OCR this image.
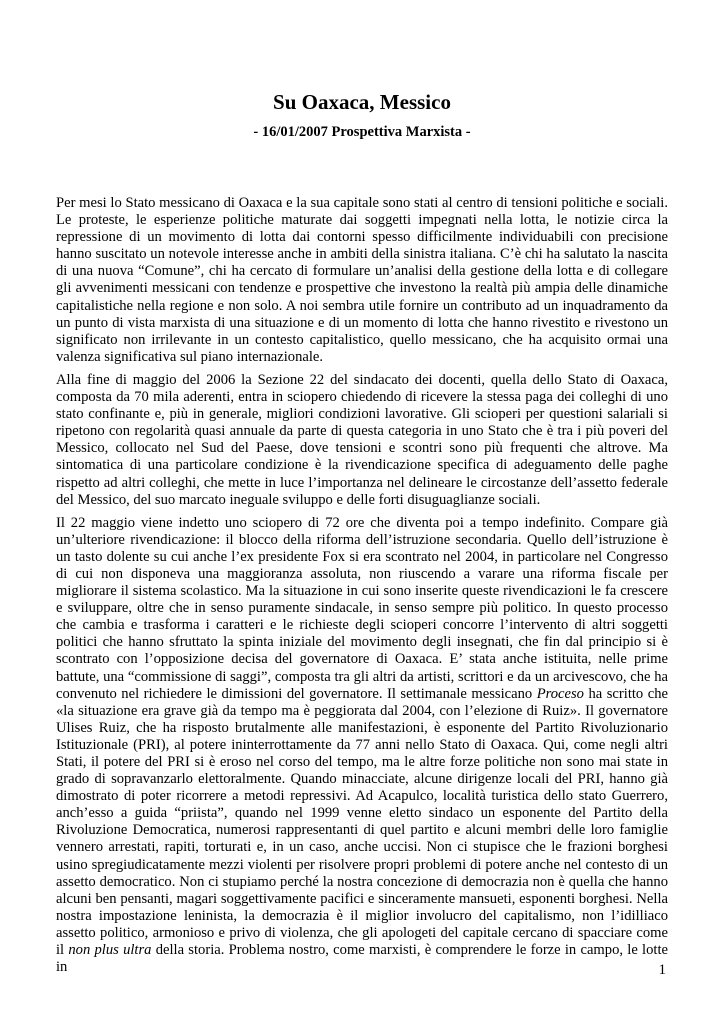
Su Oaxaca, Messico
- 16/01/2007 Prospettiva Marxista -

Per mesi lo Stato messicano di Oaxaca e la sua capitale sono stati al centro di tensioni politiche e sociali. Le proteste, le esperienze politiche maturate dai soggetti impegnati nella lotta, le notizie circa la repressione di un movimento di lotta dai contorni spesso difficilmente individuabili con precisione hanno suscitato un notevole interesse anche in ambiti della sinistra italiana. C’è chi ha salutato la nascita di una nuova “Comune”, chi ha cercato di formulare un’analisi della gestione della lotta e di collegare gli avvenimenti messicani con tendenze e prospettive che investono la realtà più ampia delle dinamiche capitalistiche nella regione e non solo. A noi sembra utile fornire un contributo ad un inquadramento da un punto di vista marxista di una situazione e di un momento di lotta che hanno rivestito e rivestono un significato non irrilevante in un contesto capitalistico, quello messicano, che ha acquisito ormai una valenza significativa sul piano internazionale.

Alla fine di maggio del 2006 la Sezione 22 del sindacato dei docenti, quella dello Stato di Oaxaca, composta da 70 mila aderenti, entra in sciopero chiedendo di ricevere la stessa paga dei colleghi di uno stato confinante e, più in generale, migliori condizioni lavorative. Gli scioperi per questioni salariali si ripetono con regolarità quasi annuale da parte di questa categoria in uno Stato che è tra i più poveri del Messico, collocato nel Sud del Paese, dove tensioni e scontri sono più frequenti che altrove. Ma sintomatica di una particolare condizione è la rivendicazione specifica di adeguamento delle paghe rispetto ad altri colleghi, che mette in luce l’importanza nel delineare le circostanze dell’assetto federale del Messico, del suo marcato ineguale sviluppo e delle forti disuguaglianze sociali.

Il 22 maggio viene indetto uno sciopero di 72 ore che diventa poi a tempo indefinito. Compare già un’ulteriore rivendicazione: il blocco della riforma dell’istruzione secondaria. Quello dell’istruzione è un tasto dolente su cui anche l’ex presidente Fox si era scontrato nel 2004, in particolare nel Congresso di cui non disponeva una maggioranza assoluta, non riuscendo a varare una riforma fiscale per migliorare il sistema scolastico. Ma la situazione in cui sono inserite queste rivendicazioni le fa crescere e sviluppare, oltre che in senso puramente sindacale, in senso sempre più politico. In questo processo che cambia e trasforma i caratteri e le richieste degli scioperi concorre l’intervento di altri soggetti politici che hanno sfruttato la spinta iniziale del movimento degli insegnati, che fin dal principio si è scontrato con l’opposizione decisa del governatore di Oaxaca. E’ stata anche istituita, nelle prime battute, una “commissione di saggi”, composta tra gli altri da artisti, scrittori e da un arcivescovo, che ha convenuto nel richiedere le dimissioni del governatore. Il settimanale messicano Proceso ha scritto che «la situazione era grave già da tempo ma è peggiorata dal 2004, con l’elezione di Ruiz». Il governatore Ulises Ruiz, che ha risposto brutalmente alle manifestazioni, è esponente del Partito Rivoluzionario Istituzionale (PRI), al potere ininterrottamente da 77 anni nello Stato di Oaxaca. Qui, come negli altri Stati, il potere del PRI si è eroso nel corso del tempo, ma le altre forze politiche non sono mai state in grado di sopravanzarlo elettoralmente. Quando minacciate, alcune dirigenze locali del PRI, hanno già dimostrato di poter ricorrere a metodi repressivi. Ad Acapulco, località turistica dello stato Guerrero, anch’esso a guida “priista”, quando nel 1999 venne eletto sindaco un esponente del Partito della Rivoluzione Democratica, numerosi rappresentanti di quel partito e alcuni membri delle loro famiglie vennero arrestati, rapiti, torturati e, in un caso, anche uccisi. Non ci stupisce che le frazioni borghesi usino spregiudicatamente mezzi violenti per risolvere propri problemi di potere anche nel contesto di un assetto democratico. Non ci stupiamo perché la nostra concezione di democrazia non è quella che hanno alcuni ben pensanti, magari soggettivamente pacifici e sinceramente mansueti, esponenti borghesi. Nella nostra impostazione leninista, la democrazia è il miglior involucro del capitalismo, non l’idilliaco assetto politico, armonioso e privo di violenza, che gli apologeti del capitale cercano di spacciare come il non plus ultra della storia. Problema nostro, come marxisti, è comprendere le forze in campo, le lotte in	1
